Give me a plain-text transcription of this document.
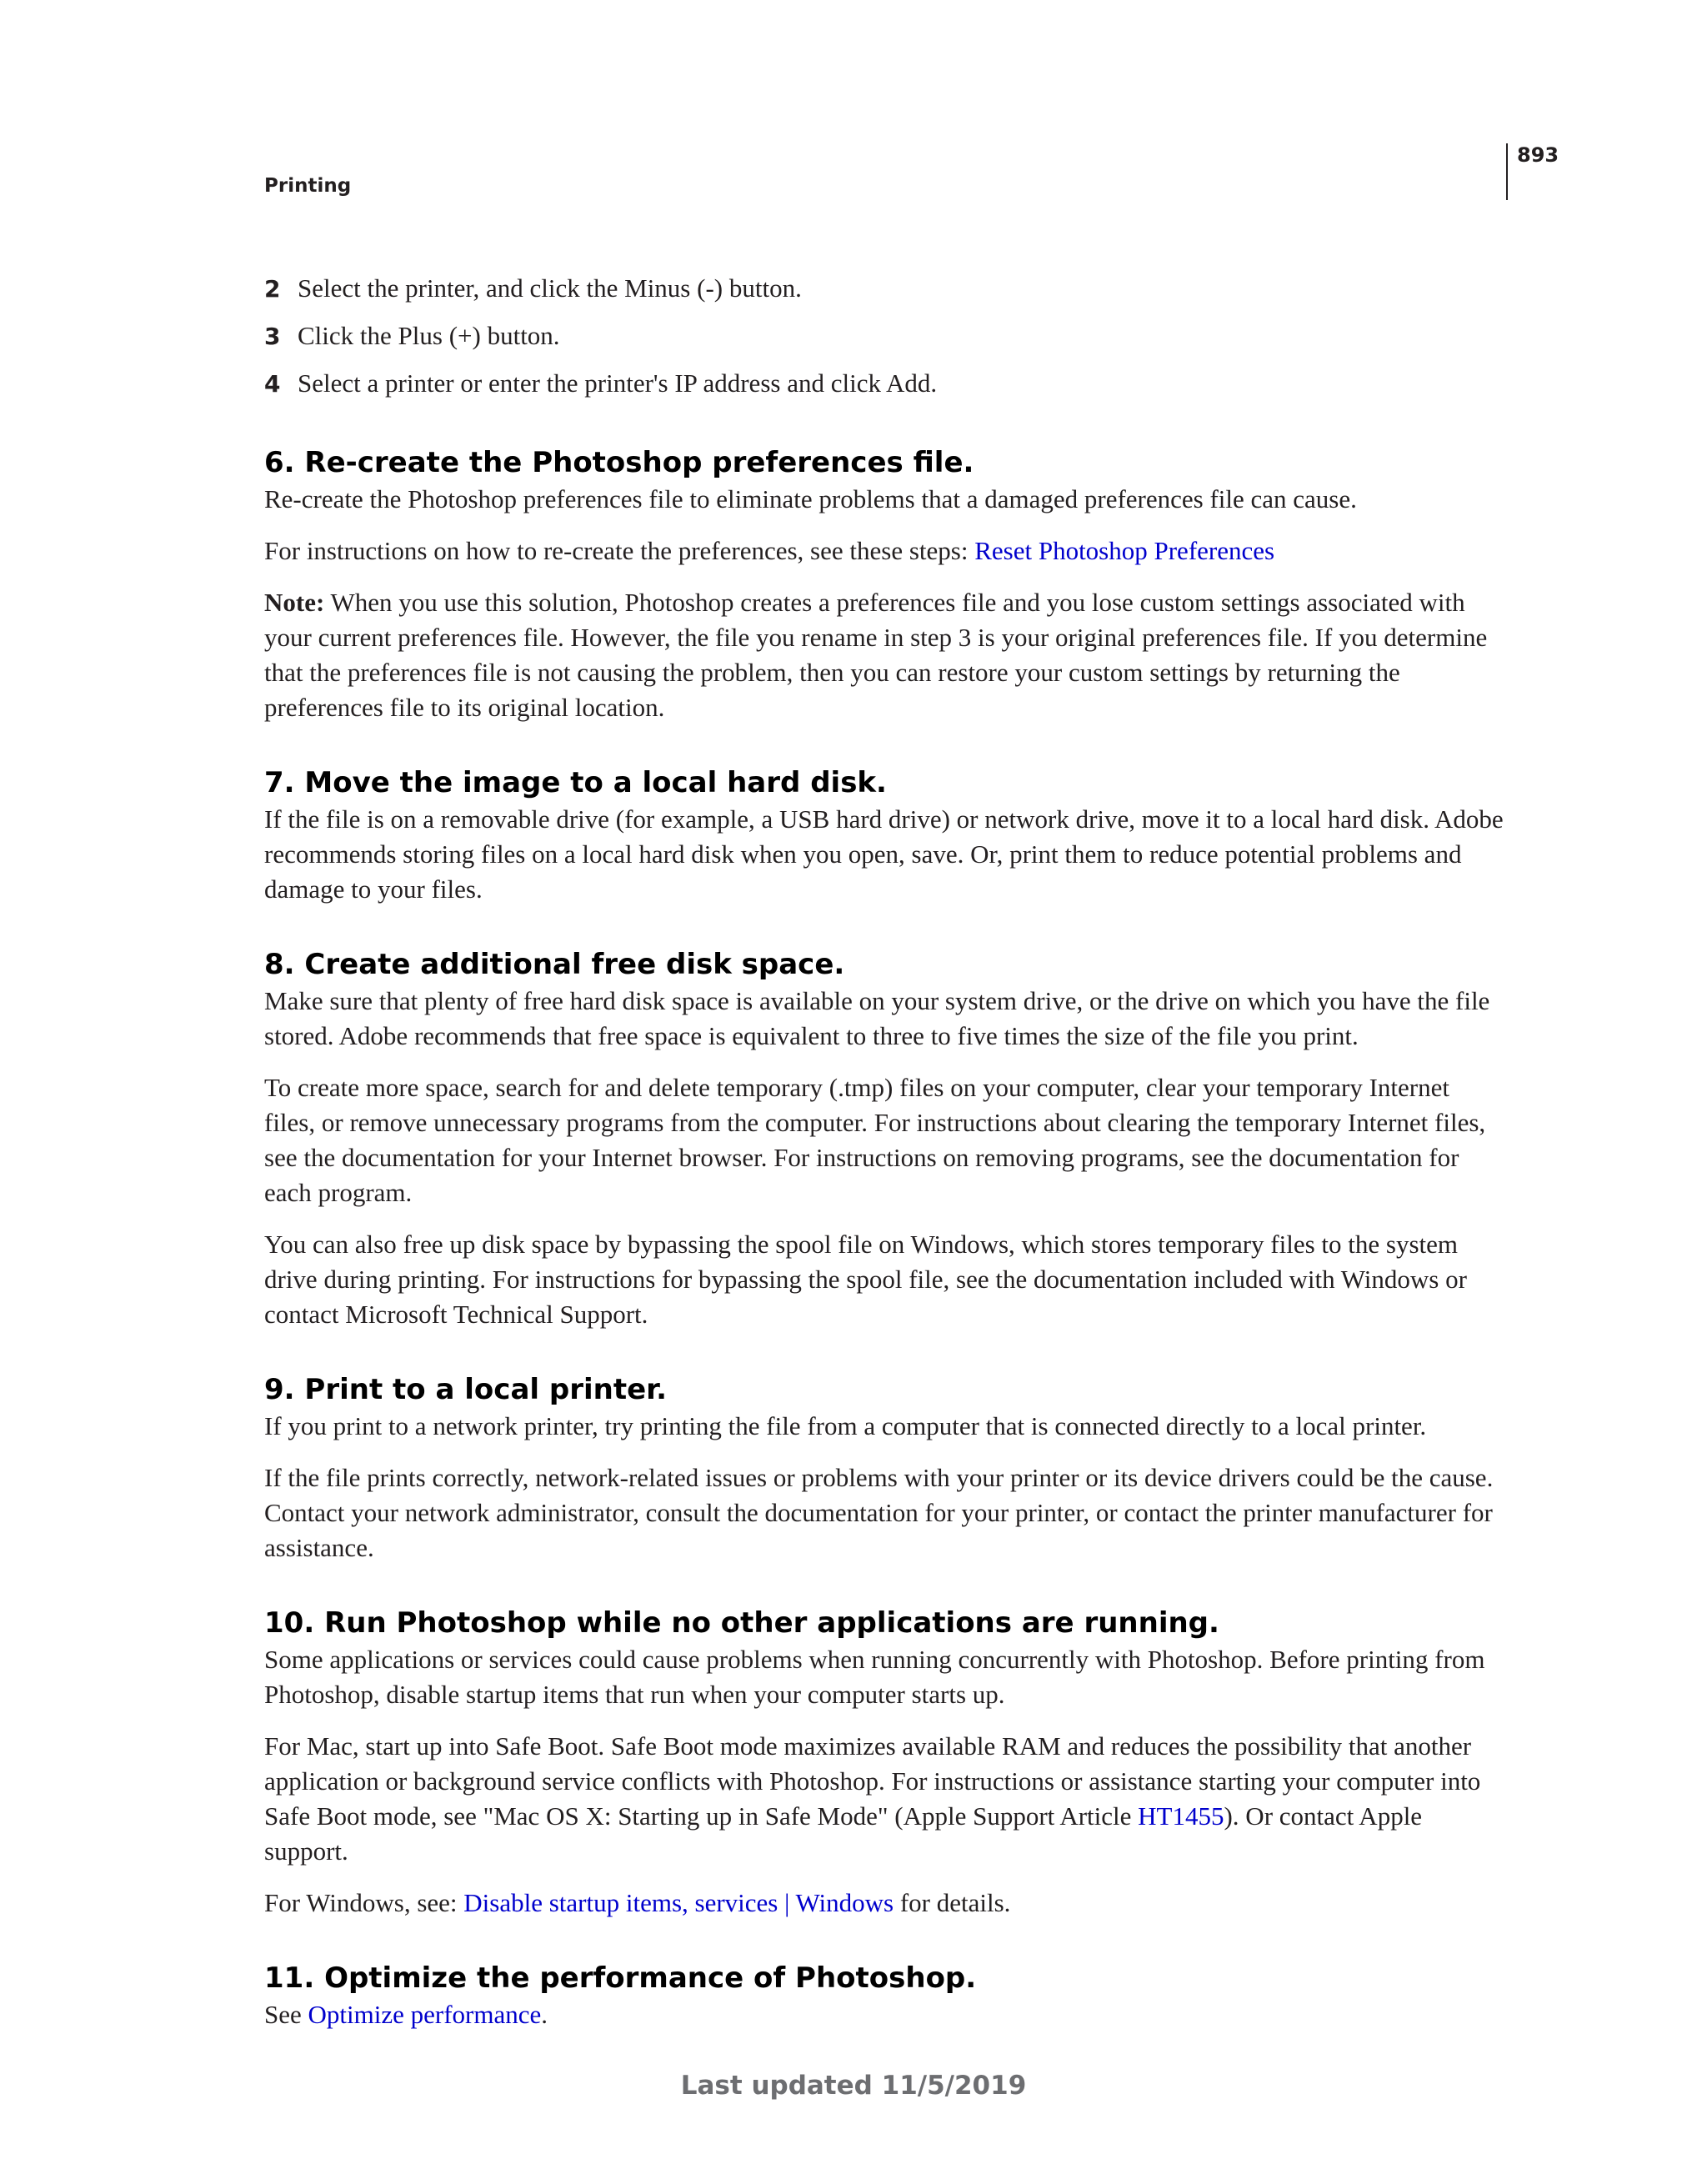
893
Printing
2 Select the printer, and click the Minus (-) button.
3 Click the Plus (+) button.
4 Select a printer or enter the printer's IP address and click Add.
6. Re-create the Photoshop preferences file.

Re-create the Photoshop preferences file to eliminate problems that a damaged preferences file can cause.

For instructions on how to re-create the preferences, see these steps: Reset Photoshop Preferences

Note: When you use this solution, Photoshop creates a preferences file and you lose custom settings associated with your current preferences file. However, the file you rename in step 3 is your original preferences file. If you determine that the preferences file is not causing the problem, then you can restore your custom settings by returning the preferences file to its original location.

7. Move the image to a local hard disk.

If the file is on a removable drive (for example, a USB hard drive) or network drive, move it to a local hard disk. Adobe recommends storing files on a local hard disk when you open, save. Or, print them to reduce potential problems and damage to your files.

8. Create additional free disk space.

Make sure that plenty of free hard disk space is available on your system drive, or the drive on which you have the file stored. Adobe recommends that free space is equivalent to three to five times the size of the file you print.

To create more space, search for and delete temporary (.tmp) files on your computer, clear your temporary Internet files, or remove unnecessary programs from the computer. For instructions about clearing the temporary Internet files, see the documentation for your Internet browser. For instructions on removing programs, see the documentation for each program.

You can also free up disk space by bypassing the spool file on Windows, which stores temporary files to the system drive during printing. For instructions for bypassing the spool file, see the documentation included with Windows or contact Microsoft Technical Support.

9. Print to a local printer.

If you print to a network printer, try printing the file from a computer that is connected directly to a local printer.

If the file prints correctly, network-related issues or problems with your printer or its device drivers could be the cause. Contact your network administrator, consult the documentation for your printer, or contact the printer manufacturer for assistance.

10. Run Photoshop while no other applications are running.

Some applications or services could cause problems when running concurrently with Photoshop. Before printing from Photoshop, disable startup items that run when your computer starts up.

For Mac, start up into Safe Boot. Safe Boot mode maximizes available RAM and reduces the possibility that another application or background service conflicts with Photoshop. For instructions or assistance starting your computer into Safe Boot mode, see "Mac OS X: Starting up in Safe Mode" (Apple Support Article HT1455). Or contact Apple support.

For Windows, see: Disable startup items, services | Windows for details.

11. Optimize the performance of Photoshop.

See Optimize performance.

Last updated 11/5/2019
